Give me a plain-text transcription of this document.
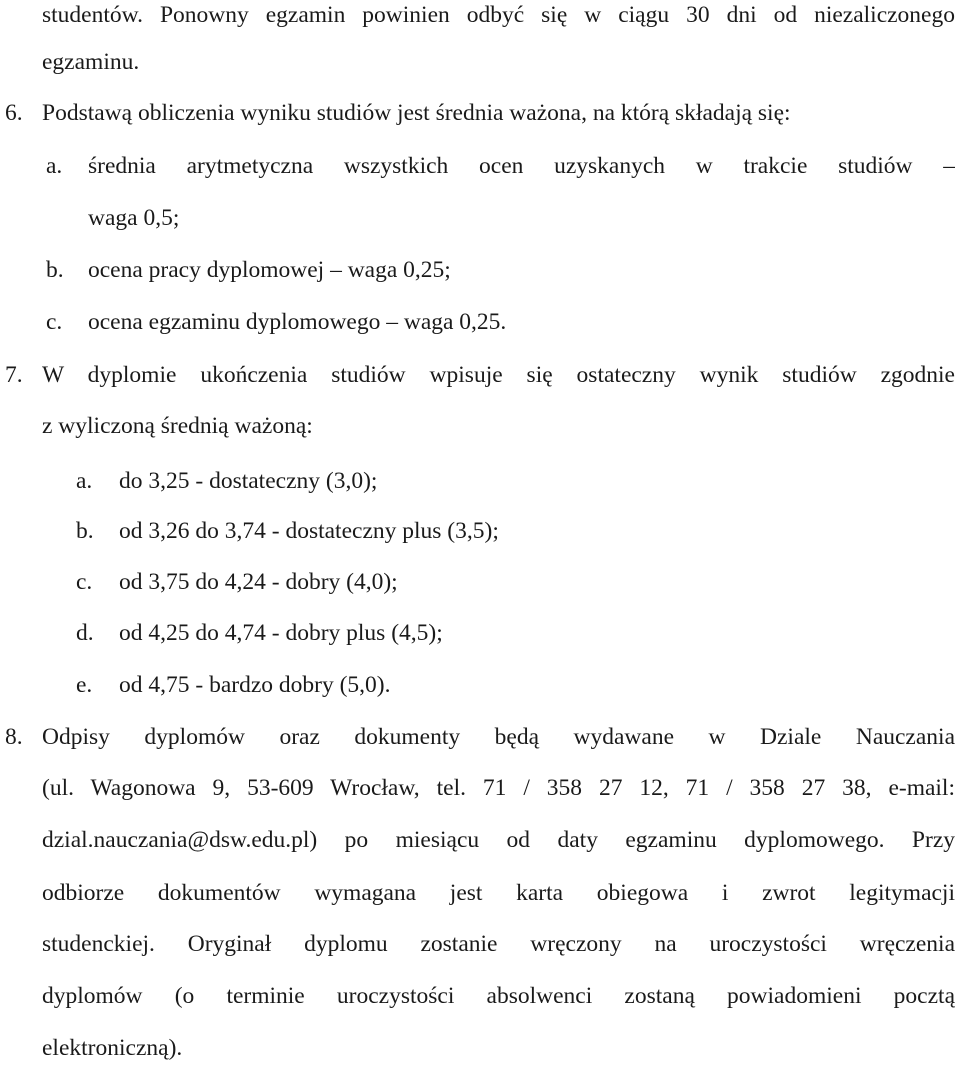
studentów. Ponowny egzamin powinien odbyć się w ciągu 30 dni od niezaliczonego
egzaminu.
6. Podstawą obliczenia wyniku studiów jest średnia ważona, na którą składają się:
a. średnia arytmetyczna wszystkich ocen uzyskanych w trakcie studiów –
waga 0,5;
b. ocena pracy dyplomowej – waga 0,25;
c. ocena egzaminu dyplomowego – waga 0,25.
7. W dyplomie ukończenia studiów wpisuje się ostateczny wynik studiów zgodnie
z wyliczoną średnią ważoną:
a. do 3,25 - dostateczny (3,0);
b. od 3,26 do 3,74 - dostateczny plus (3,5);
c. od 3,75 do 4,24 - dobry (4,0);
d. od 4,25 do 4,74 - dobry plus (4,5);
e. od 4,75 - bardzo dobry (5,0).
8. Odpisy dyplomów oraz dokumenty będą wydawane w Dziale Nauczania
(ul. Wagonowa 9, 53-609 Wrocław, tel. 71 / 358 27 12, 71 / 358 27 38, e-mail:
dzial.nauczania@dsw.edu.pl) po miesiącu od daty egzaminu dyplomowego. Przy
odbiorze dokumentów wymagana jest karta obiegowa i zwrot legitymacji
studenckiej. Oryginał dyplomu zostanie wręczony na uroczystości wręczenia
dyplomów (o terminie uroczystości absolwenci zostaną powiadomieni pocztą
elektroniczną).
